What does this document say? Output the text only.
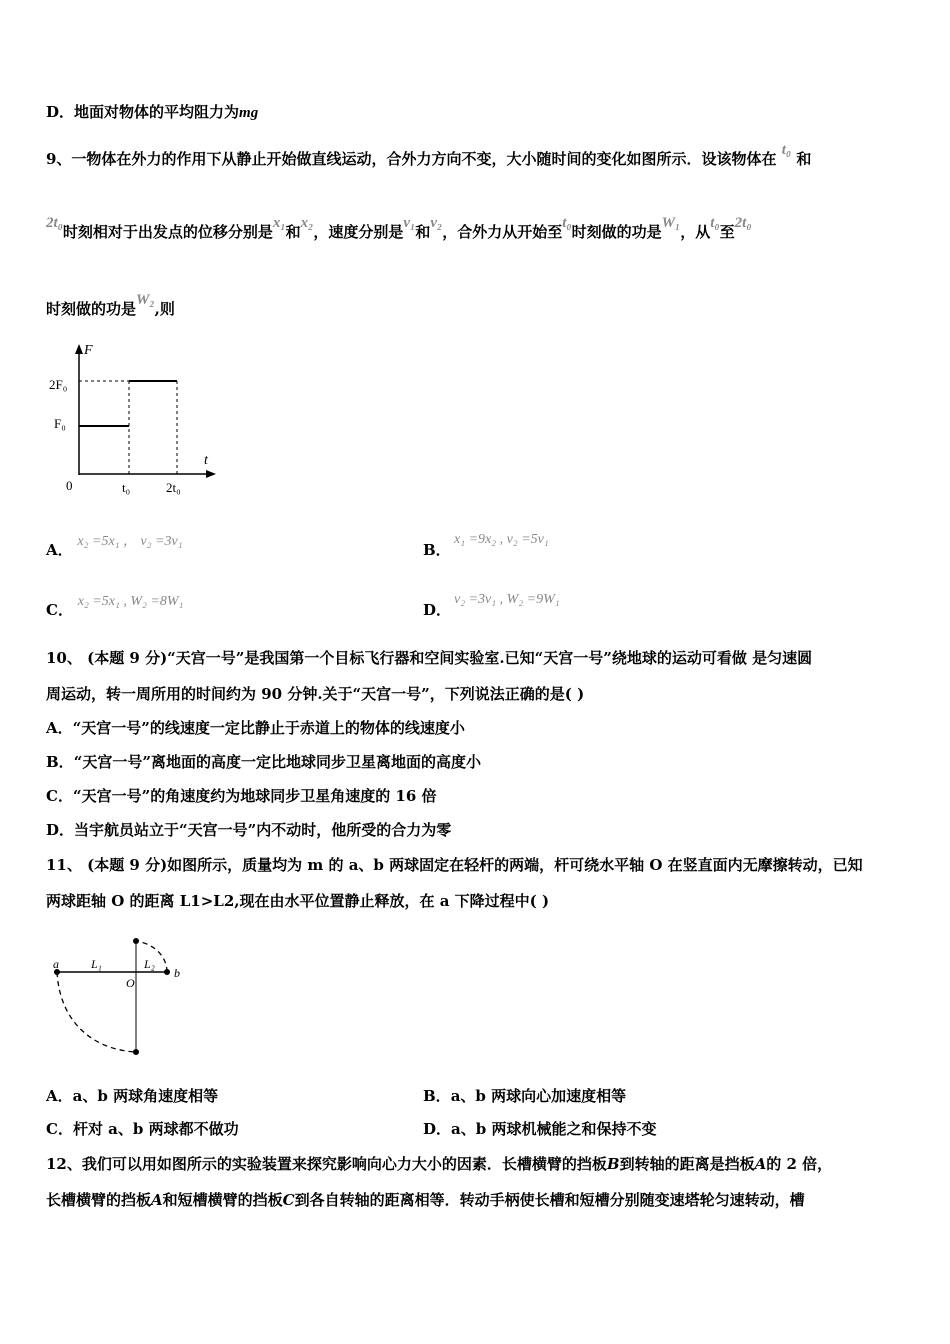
D．地面对物体的平均阻力为mg
9、一物体在外力的作用下从静止开始做直线运动，合外力方向不变，大小随时间的变化如图所示．设该物体在 t₀ 和
2t₀时刻相对于出发点的位移分别是x₁和x₂，速度分别是v₁和v₂，合外力从开始至t₀时刻做的功是W₁，从t₀至2t₀
时刻做的功是W₂,则
F
t
0
2F₀
F₀
t₀	2t₀
A． x₂ =5x₁ ， v₂ =3v₁	B．
x₁ =9x₂ , v₂ =5v₁
C． x₂ =5x₁ , W₂ =8W₁	D．
v₂ =3v₁ , W₂ =9W₁
10、 (本题 9 分)“天宫一号”是我国第一个目标飞行器和空间实验室.已知“天宫一号”绕地球的运动可看做 是匀速圆
周运动，转一周所用的时间约为 90 分钟.关于“天宫一号”，下列说法正确的是( )
A．“天宫一号”的线速度一定比静止于赤道上的物体的线速度小
B．“天宫一号”离地面的高度一定比地球同步卫星离地面的高度小
C．“天宫一号”的角速度约为地球同步卫星角速度的 16 倍
D．当宇航员站立于“天宫一号”内不动时，他所受的合力为零
11、 (本题 9 分)如图所示，质量均为 m 的 a、b 两球固定在轻杆的两端，杆可绕水平轴 O 在竖直面内无摩擦转动，已知
两球距轴 O 的距离 L1>L2,现在由水平位置静止释放，在 a 下降过程中( )
a
b
O
L₁	L₂
A．a、b 两球角速度相等	B．a、b 两球向心加速度相等
C．杆对 a、b 两球都不做功	D．a、b 两球机械能之和保持不变
12、我们可以用如图所示的实验装置来探究影响向心力大小的因素．长槽横臂的挡板B到转轴的距离是挡板A的 2 倍，
长槽横臂的挡板A和短槽横臂的挡板C到各自转轴的距离相等．转动手柄使长槽和短槽分别随变速塔轮匀速转动，槽
